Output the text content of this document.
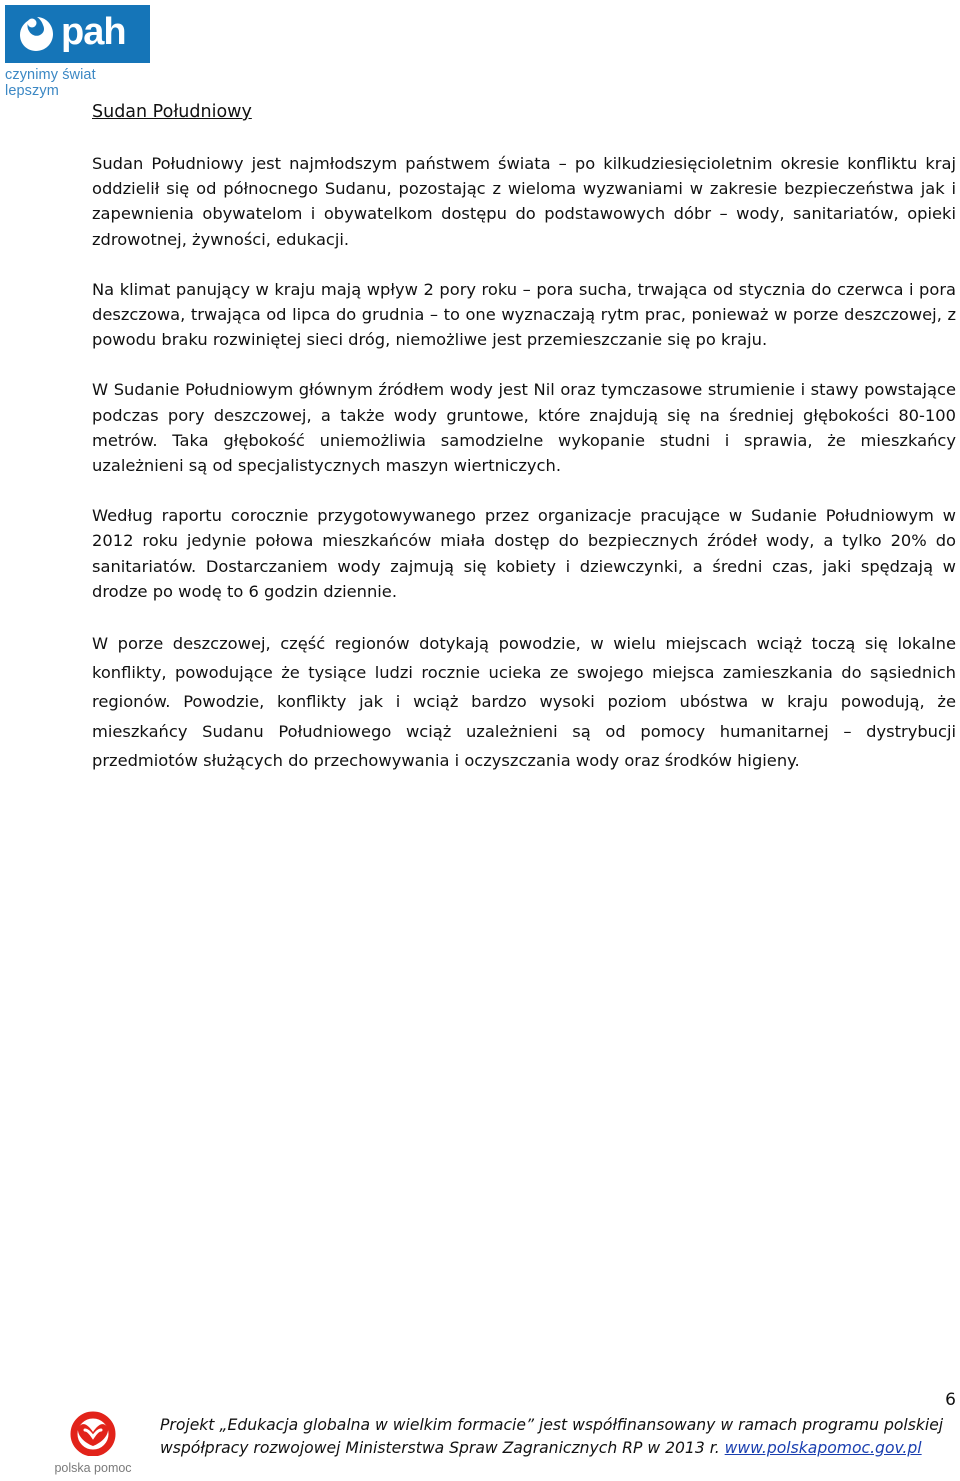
pah
czynimy świat lepszym
Sudan Południowy

Sudan Południowy jest najmłodszym państwem świata – po kilkudziesięcioletnim okresie konfliktu kraj oddzielił się od północnego Sudanu, pozostając z wieloma wyzwaniami w zakresie bezpieczeństwa jak i zapewnienia obywatelom i obywatelkom dostępu do podstawowych dóbr – wody, sanitariatów, opieki zdrowotnej, żywności, edukacji.

Na klimat panujący w kraju mają wpływ 2 pory roku – pora sucha, trwająca od stycznia do czerwca i pora deszczowa, trwająca od lipca do grudnia – to one wyznaczają rytm prac, ponieważ w porze deszczowej, z powodu braku rozwiniętej sieci dróg, niemożliwe jest przemieszczanie się po kraju.

W Sudanie Południowym głównym źródłem wody jest Nil oraz tymczasowe strumienie i stawy powstające podczas pory deszczowej, a także wody gruntowe, które znajdują się na średniej głębokości 80-100 metrów. Taka głębokość uniemożliwia samodzielne wykopanie studni i sprawia, że mieszkańcy uzależnieni są od specjalistycznych maszyn wiertniczych.

Według raportu corocznie przygotowywanego przez organizacje pracujące w Sudanie Południowym w 2012 roku jedynie połowa mieszkańców miała dostęp do bezpiecznych źródeł wody, a tylko 20% do sanitariatów. Dostarczaniem wody zajmują się kobiety i dziewczynki, a średni czas, jaki spędzają w drodze po wodę to 6 godzin dziennie.

W porze deszczowej, część regionów dotykają powodzie, w wielu miejscach wciąż toczą się lokalne konflikty, powodujące że tysiące ludzi rocznie ucieka ze swojego miejsca zamieszkania do sąsiednich regionów. Powodzie, konflikty jak i wciąż bardzo wysoki poziom ubóstwa w kraju powodują, że mieszkańcy Sudanu Południowego wciąż uzależnieni są od pomocy humanitarnej – dystrybucji przedmiotów służących do przechowywania i oczyszczania wody oraz środków higieny.

6
polska pomoc
Projekt „Edukacja globalna w wielkim formacie” jest współfinansowany w ramach programu polskiej
współpracy rozwojowej Ministerstwa Spraw Zagranicznych RP w 2013 r. www.polskapomoc.gov.pl
